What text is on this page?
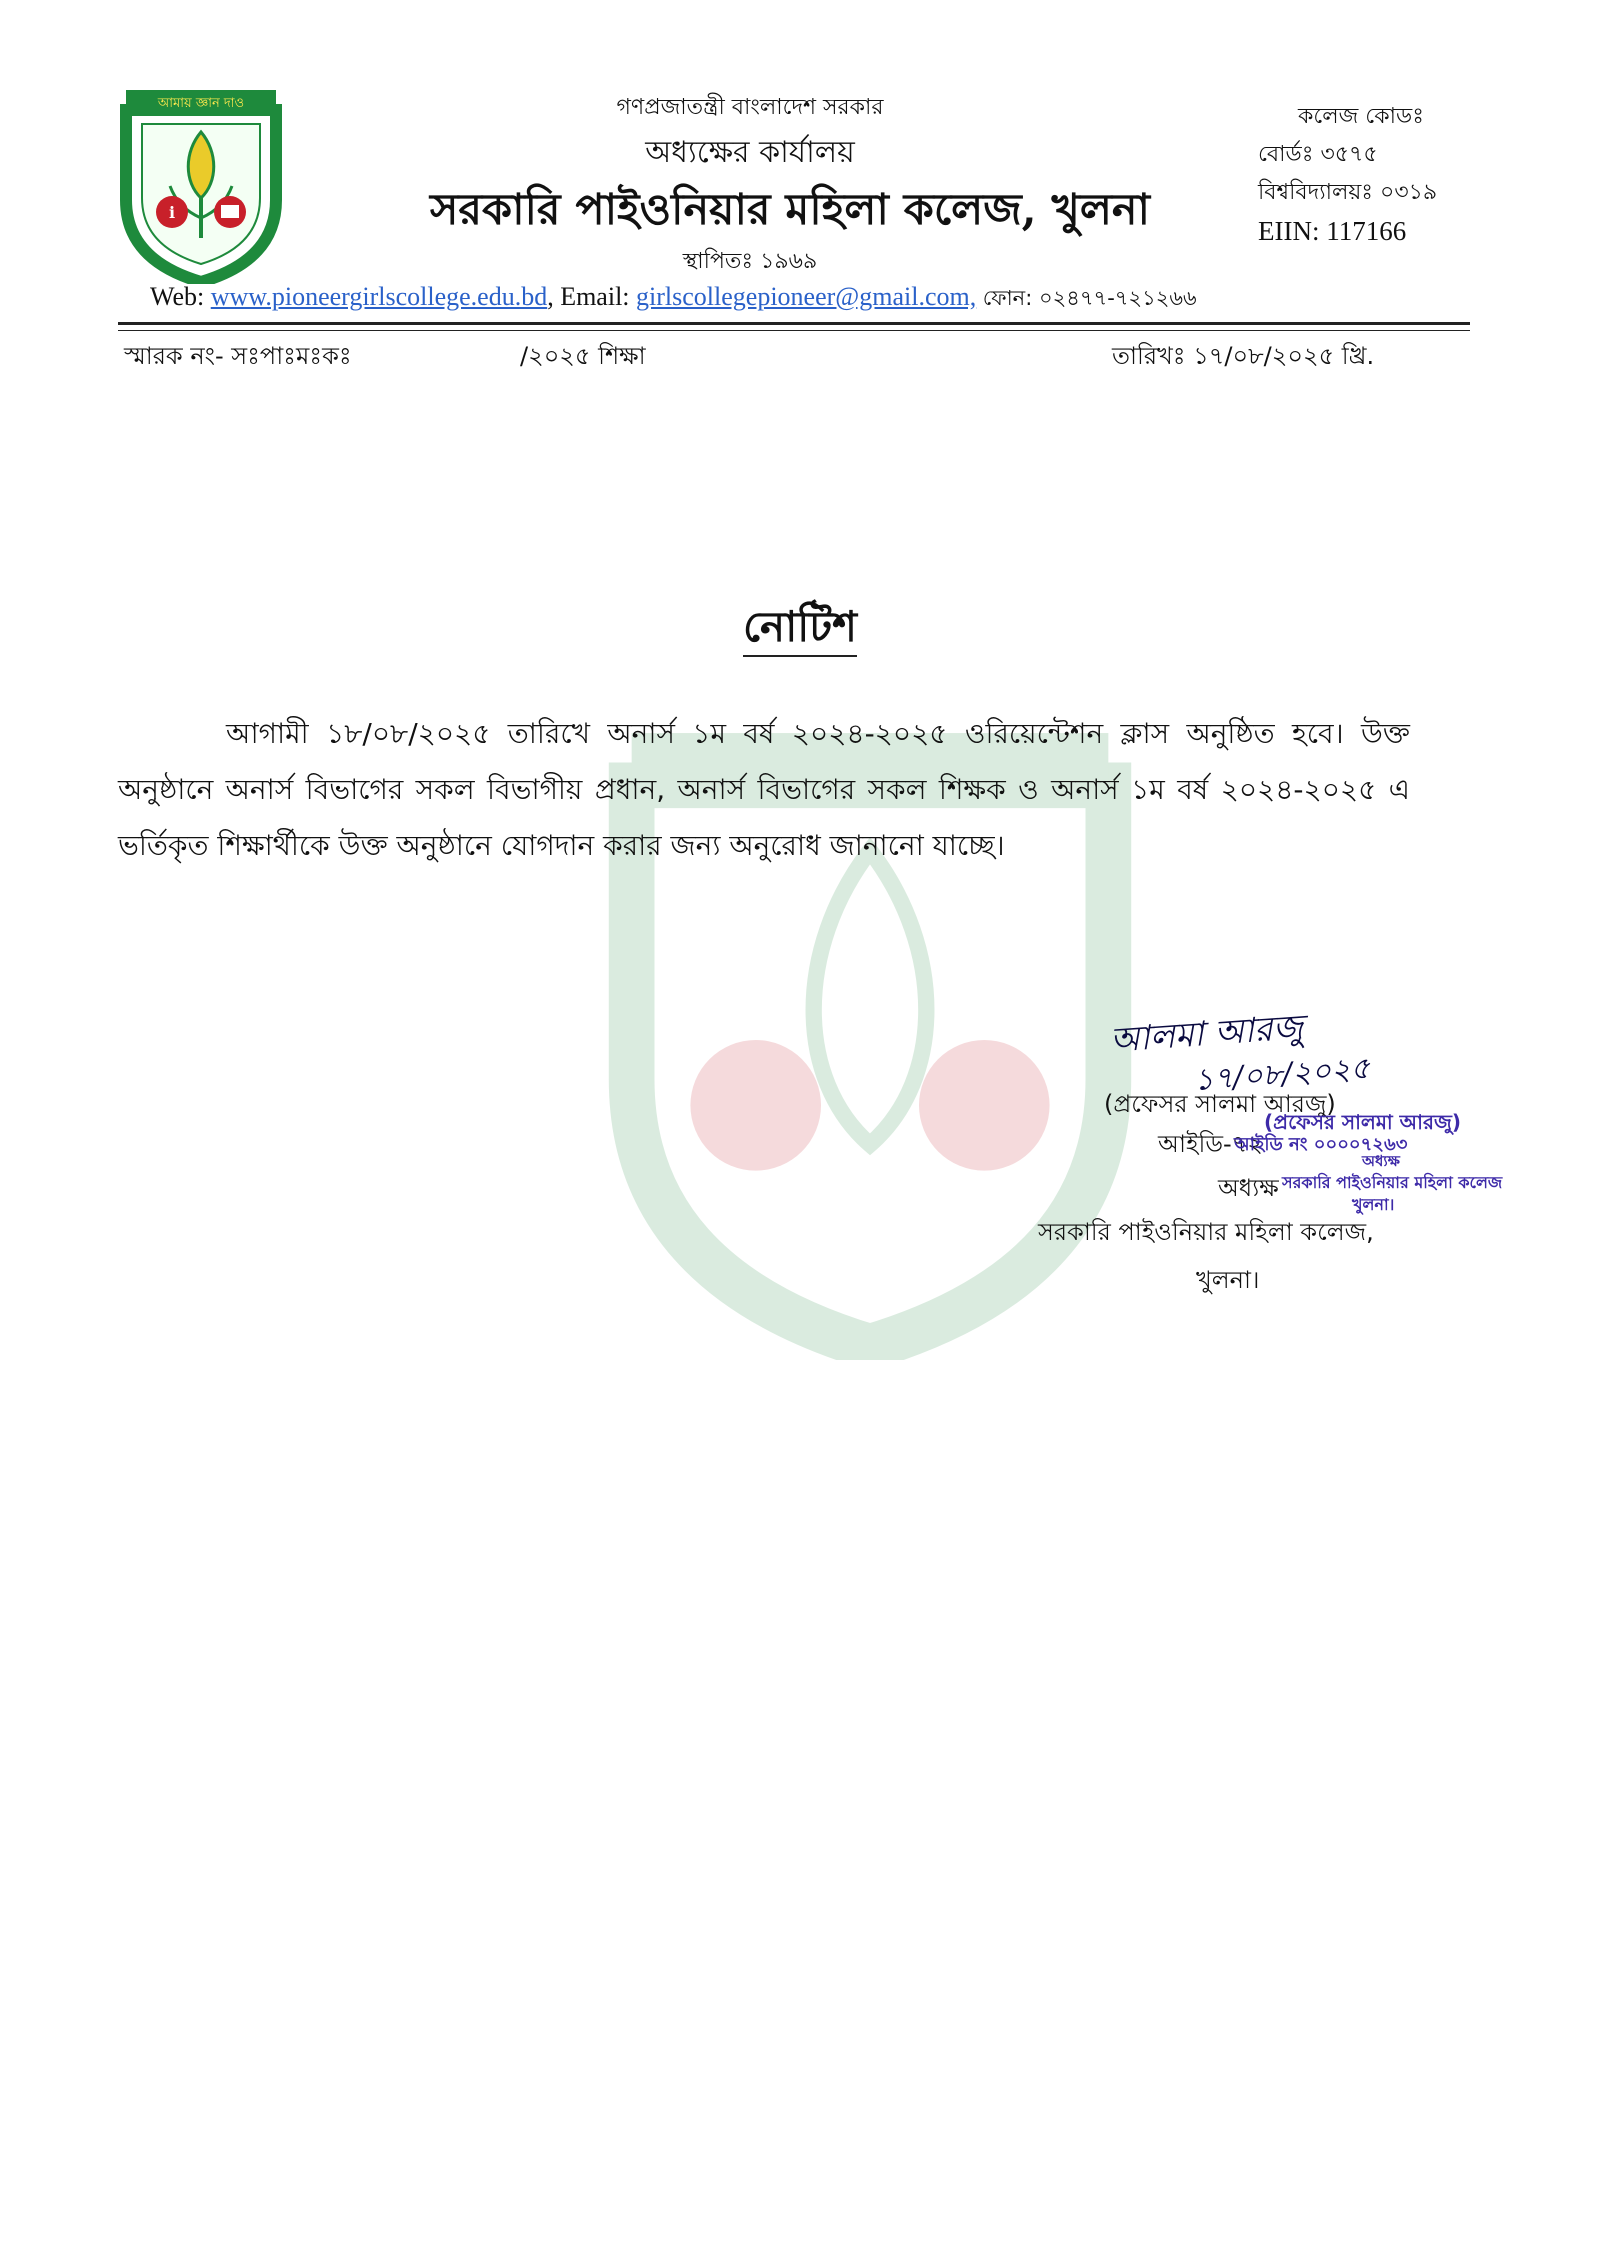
আমায় জ্ঞান দাও
i
গণপ্রজাতন্ত্রী বাংলাদেশ সরকার
অধ্যক্ষের কার্যালয়
সরকারি পাইওনিয়ার মহিলা কলেজ, খুলনা
স্থাপিতঃ ১৯৬৯
কলেজ কোডঃ
বোর্ডঃ ৩৫৭৫
বিশ্ববিদ্যালয়ঃ ০৩১৯
EIIN: 117166
Web: www.pioneergirlscollege.edu.bd, Email: girlscollegepioneer@gmail.com, ফোন: ০২৪৭৭-৭২১২৬৬
স্মারক নং- সঃপাঃমঃকঃ	/২০২৫ শিক্ষা	তারিখঃ ১৭/০৮/২০২৫ খ্রি.
নোটিশ
আগামী ১৮/০৮/২০২৫ তারিখে অনার্স ১ম বর্ষ ২০২৪-২০২৫ ওরিয়েন্টেশন ক্লাস অনুষ্ঠিত হবে। উক্ত অনুষ্ঠানে অনার্স বিভাগের সকল বিভাগীয় প্রধান, অনার্স বিভাগের সকল শিক্ষক ও অনার্স ১ম বর্ষ ২০২৪-২০২৫ এ ভর্তিকৃত শিক্ষার্থীকে উক্ত অনুষ্ঠানে যোগদান করার জন্য অনুরোধ জানানো যাচ্ছে।
আলমা আরজু
১৭/০৮/২০২৫
(প্রফেসর সালমা আরজু)
(প্রফেসর সালমা আরজু)
আইডি-৭২
আইডি নং ০০০০৭২৬৩
অধ্যক্ষ
অধ্যক্ষ সরকারি পাইওনিয়ার মহিলা কলেজ
খুলনা।
সরকারি পাইওনিয়ার মহিলা কলেজ,
খুলনা।
